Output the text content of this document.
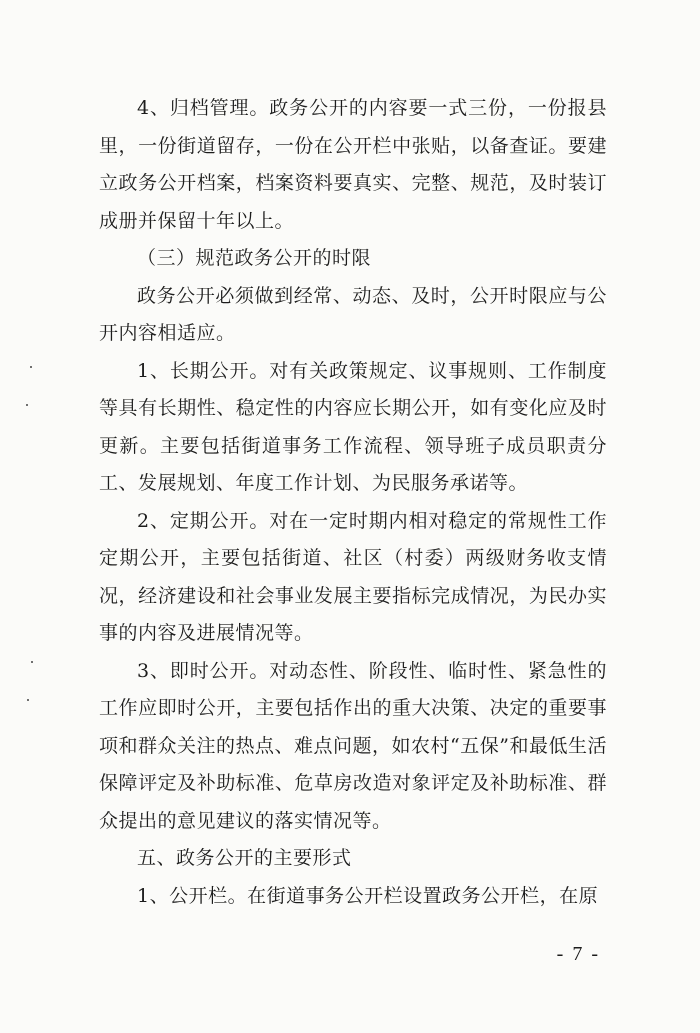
4、归档管理。政务公开的内容要一式三份，一份报县里，一份街道留存，一份在公开栏中张贴，以备查证。要建立政务公开档案，档案资料要真实、完整、规范，及时装订成册并保留十年以上。

（三）规范政务公开的时限

政务公开必须做到经常、动态、及时，公开时限应与公开内容相适应。

1、长期公开。对有关政策规定、议事规则、工作制度等具有长期性、稳定性的内容应长期公开，如有变化应及时更新。主要包括街道事务工作流程、领导班子成员职责分工、发展规划、年度工作计划、为民服务承诺等。

2、定期公开。对在一定时期内相对稳定的常规性工作定期公开，主要包括街道、社区（村委）两级财务收支情况，经济建设和社会事业发展主要指标完成情况，为民办实事的内容及进展情况等。

3、即时公开。对动态性、阶段性、临时性、紧急性的工作应即时公开，主要包括作出的重大决策、决定的重要事项和群众关注的热点、难点问题，如农村“五保”和最低生活保障评定及补助标准、危草房改造对象评定及补助标准、群众提出的意见建议的落实情况等。

五、政务公开的主要形式

1、公开栏。在街道事务公开栏设置政务公开栏，在原

- 7 -
